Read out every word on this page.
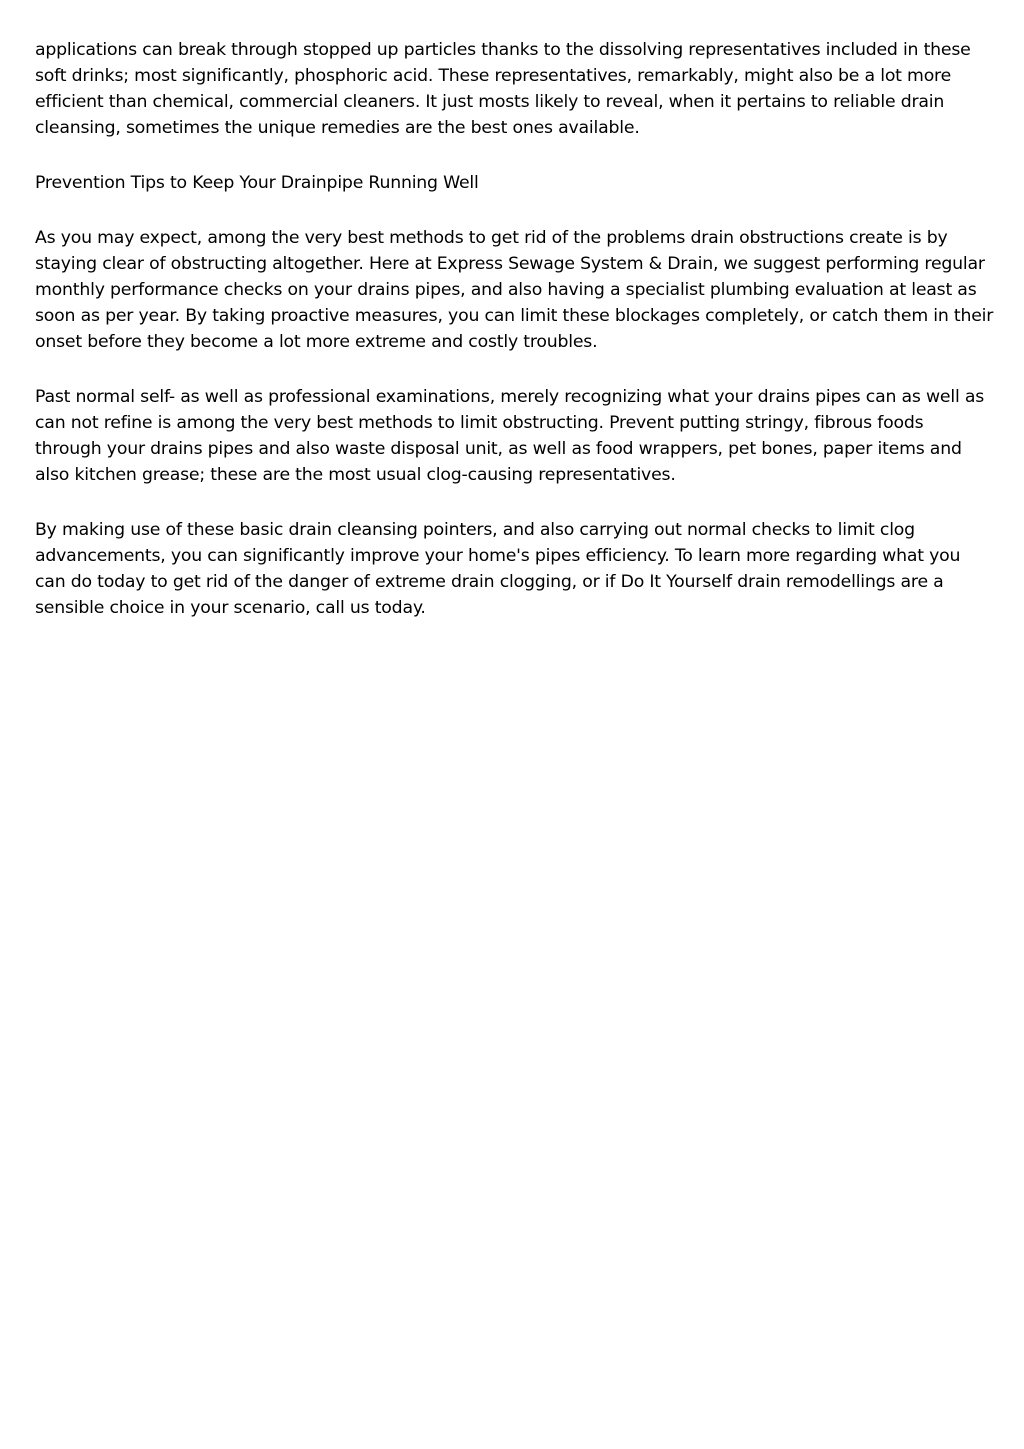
applications can break through stopped up particles thanks to the dissolving representatives included in these soft drinks; most significantly, phosphoric acid. These representatives, remarkably, might also be a lot more efficient than chemical, commercial cleaners. It just mosts likely to reveal, when it pertains to reliable drain cleansing, sometimes the unique remedies are the best ones available.

Prevention Tips to Keep Your Drainpipe Running Well

As you may expect, among the very best methods to get rid of the problems drain obstructions create is by staying clear of obstructing altogether. Here at Express Sewage System & Drain, we suggest performing regular monthly performance checks on your drains pipes, and also having a specialist plumbing evaluation at least as soon as per year. By taking proactive measures, you can limit these blockages completely, or catch them in their onset before they become a lot more extreme and costly troubles.

Past normal self- as well as professional examinations, merely recognizing what your drains pipes can as well as can not refine is among the very best methods to limit obstructing. Prevent putting stringy, fibrous foods through your drains pipes and also waste disposal unit, as well as food wrappers, pet bones, paper items and also kitchen grease; these are the most usual clog-causing representatives.

By making use of these basic drain cleansing pointers, and also carrying out normal checks to limit clog advancements, you can significantly improve your home's pipes efficiency. To learn more regarding what you can do today to get rid of the danger of extreme drain clogging, or if Do It Yourself drain remodellings are a sensible choice in your scenario, call us today.
